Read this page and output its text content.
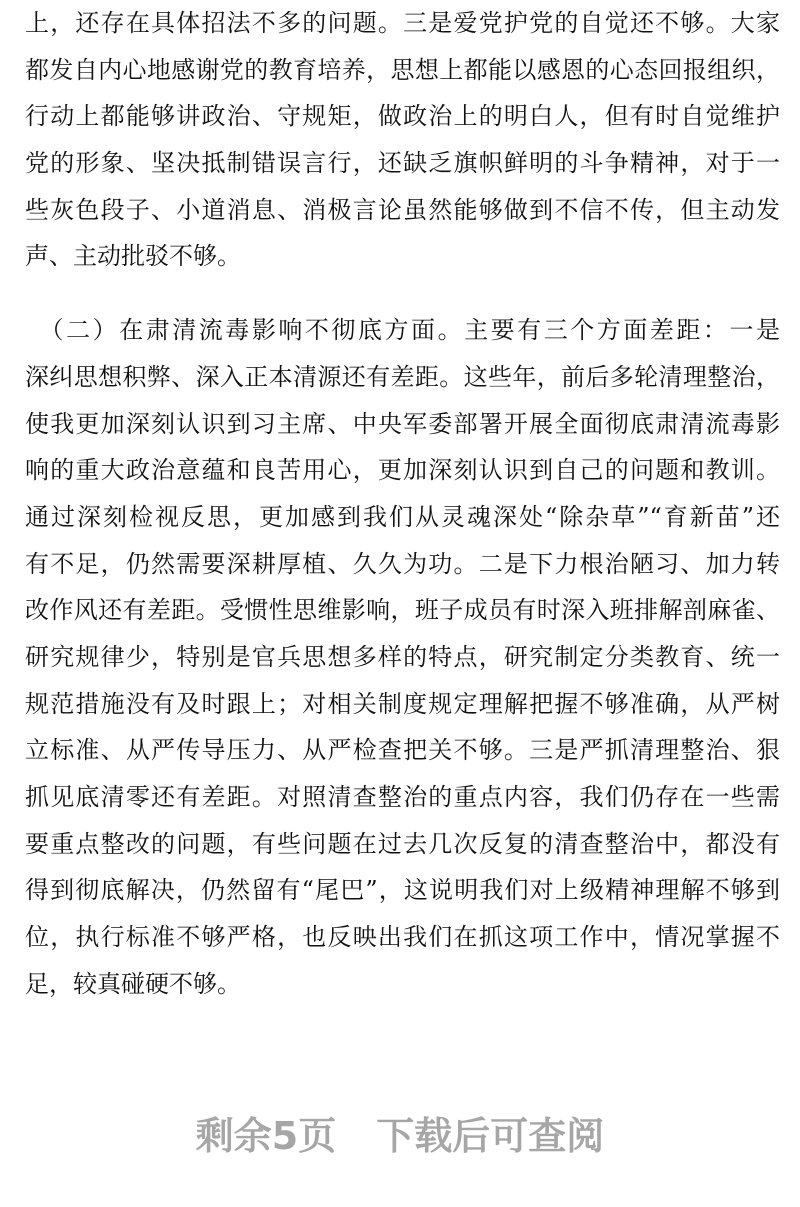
上，还存在具体招法不多的问题。三是爱党护党的自觉还不够。大家
都发自内心地感谢党的教育培养，思想上都能以感恩的心态回报组织，
行动上都能够讲政治、守规矩，做政治上的明白人，但有时自觉维护
党的形象、坚决抵制错误言行，还缺乏旗帜鲜明的斗争精神，对于一
些灰色段子、小道消息、消极言论虽然能够做到不信不传，但主动发
声、主动批驳不够。
　（二）在肃清流毒影响不彻底方面。主要有三个方面差距：一是
深纠思想积弊、深入正本清源还有差距。这些年，前后多轮清理整治，
使我更加深刻认识到习主席、中央军委部署开展全面彻底肃清流毒影
响的重大政治意蕴和良苦用心，更加深刻认识到自己的问题和教训。
通过深刻检视反思，更加感到我们从灵魂深处“除杂草”“育新苗”还
有不足，仍然需要深耕厚植、久久为功。二是下力根治陋习、加力转
改作风还有差距。受惯性思维影响，班子成员有时深入班排解剖麻雀、
研究规律少，特别是官兵思想多样的特点，研究制定分类教育、统一
规范措施没有及时跟上；对相关制度规定理解把握不够准确，从严树
立标准、从严传导压力、从严检查把关不够。三是严抓清理整治、狠
抓见底清零还有差距。对照清查整治的重点内容，我们仍存在一些需
要重点整改的问题，有些问题在过去几次反复的清查整治中，都没有
得到彻底解决，仍然留有“尾巴”，这说明我们对上级精神理解不够到
位，执行标准不够严格，也反映出我们在抓这项工作中，情况掌握不
足，较真碰硬不够。
剩余5页 下载后可查阅
